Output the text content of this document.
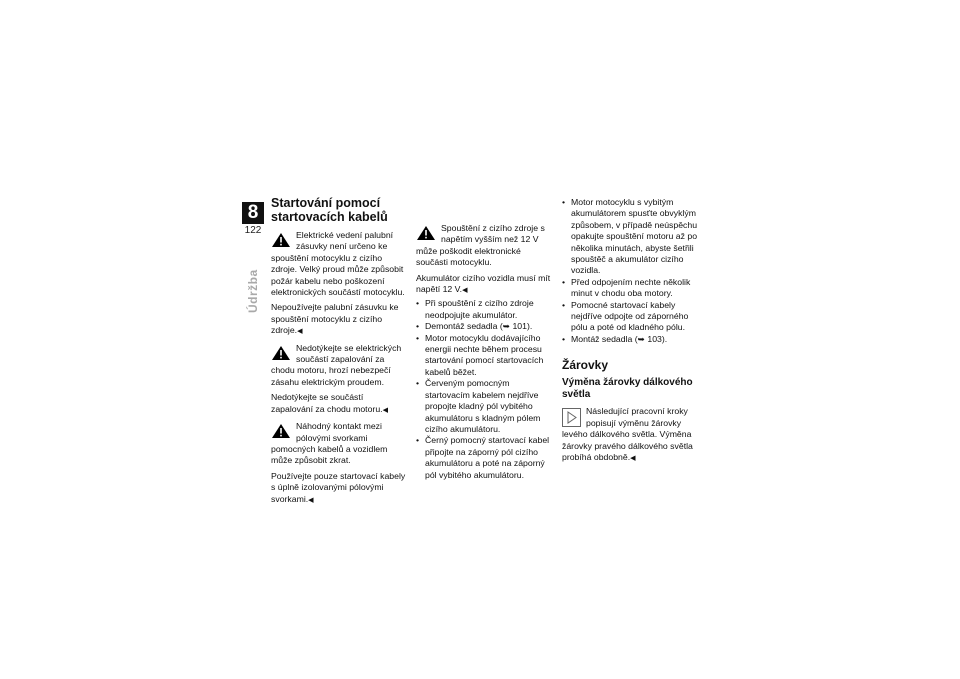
8
122
Údržba
Startování pomocí startovacích kabelů
Elektrické vedení palubní zásuvky není určeno ke spouštění motocyklu z cizího zdroje. Velký proud může způsobit požár kabelu nebo poškození elektronických součástí motocyklu.

Nepoužívejte palubní zásuvku ke spouštění motocyklu z cizího zdroje.◀

Nedotýkejte se elektrických součástí zapalování za chodu motoru, hrozí nebezpečí zásahu elektrickým proudem.

Nedotýkejte se součástí zapalování za chodu motoru.◀

Náhodný kontakt mezi pólovými svorkami pomocných kabelů a vozidlem může způsobit zkrat.

Používejte pouze startovací kabely s úplně izolovanými pólovými svorkami.◀

Spouštění z cizího zdroje s napětím vyšším než 12 V může poškodit elektronické součásti motocyklu.

Akumulátor cizího vozidla musí mít napětí 12 V.◀

• Při spouštění z cizího zdroje neodpojujte akumulátor.
• Demontáž sedadla (➥ 101).
• Motor motocyklu dodávajícího energii nechte během procesu startování pomocí startovacích kabelů běžet.
• Červeným pomocným startovacím kabelem nejdříve propojte kladný pól vybitého akumulátoru s kladným pólem cizího akumulátoru.
• Černý pomocný startovací kabel připojte na záporný pól cizího akumulátoru a poté na záporný pól vybitého akumulátoru.
• Motor motocyklu s vybitým akumulátorem spusťte obvyklým způsobem, v případě neúspěchu opakujte spouštění motoru až po několika minutách, abyste šetřili spouštěč a akumulátor cizího vozidla.
• Před odpojením nechte několik minut v chodu oba motory.
• Pomocné startovací kabely nejdříve odpojte od záporného pólu a poté od kladného pólu.
• Montáž sedadla (➥ 103).
Žárovky
Výměna žárovky dálkového světla
Následující pracovní kroky popisují výměnu žárovky levého dálkového světla. Výměna žárovky pravého dálkového světla probíhá obdobně.◀
